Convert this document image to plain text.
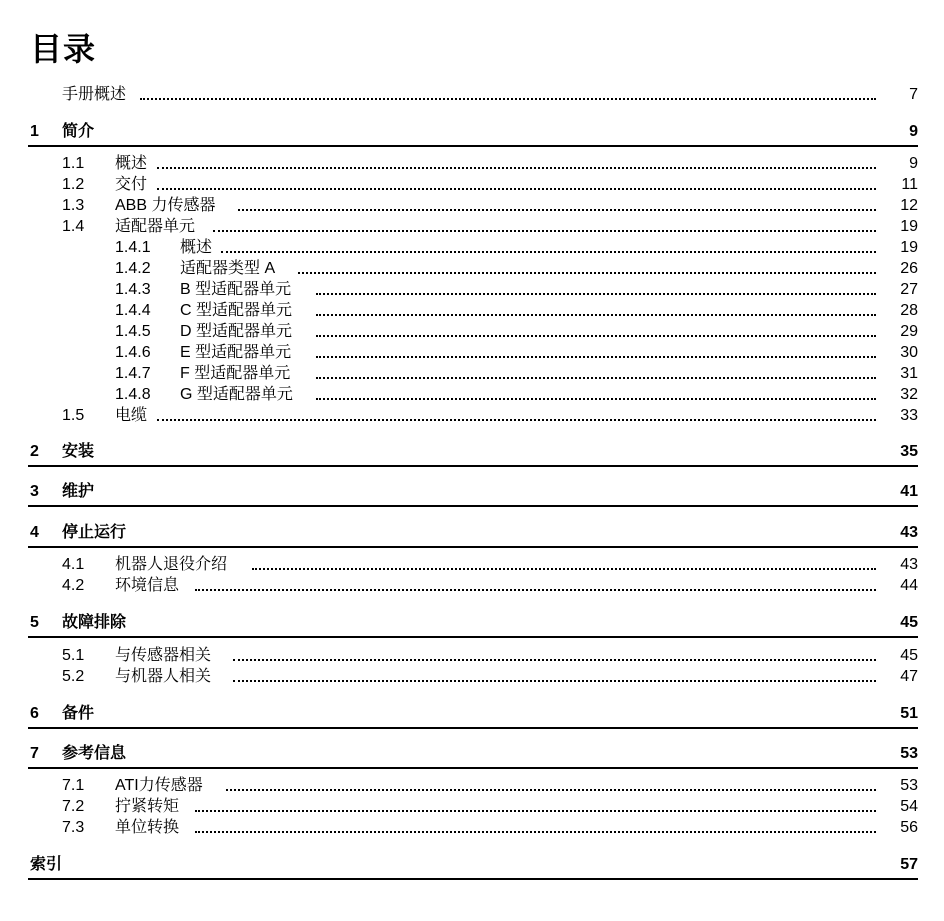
目录
手册概述	7
1 简介	9
1.1 概述	9
1.2 交付	11
1.3 ABB 力传感器	12
1.4 适配器单元	19
1.4.1 概述	19
1.4.2 适配器类型 A	26
1.4.3 B 型适配器单元	27
1.4.4 C 型适配器单元	28
1.4.5 D 型适配器单元	29
1.4.6 E 型适配器单元	30
1.4.7 F 型适配器单元	31
1.4.8 G 型适配器单元	32
1.5 电缆	33
2 安装	35
3 维护	41
4 停止运行	43
4.1 机器人退役介绍	43
4.2 环境信息	44
5 故障排除	45
5.1 与传感器相关	45
5.2 与机器人相关	47
6 备件	51
7 参考信息	53
7.1 ATI力传感器	53
7.2 拧紧转矩	54
7.3 单位转换	56
索引	57
